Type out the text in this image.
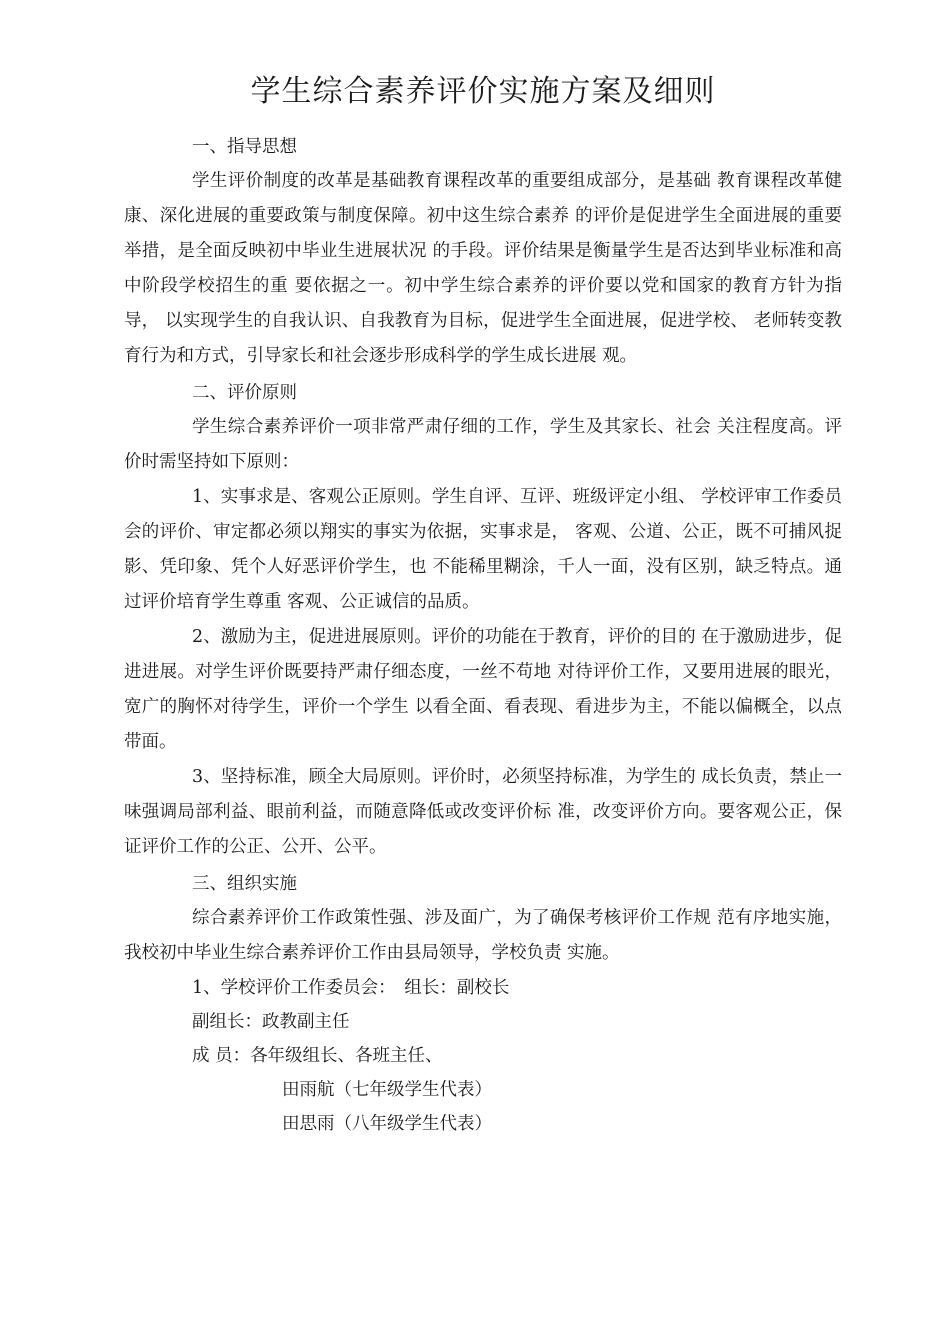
学生综合素养评价实施方案及细则

一、指导思想

学生评价制度的改革是基础教育课程改革的重要组成部分，是基础 教育课程改革健康、深化进展的重要政策与制度保障。初中这生综合素养 的评价是促进学生全面进展的重要举措，是全面反映初中毕业生进展状况 的手段。评价结果是衡量学生是否达到毕业标准和高中阶段学校招生的重 要依据之一。初中学生综合素养的评价要以党和国家的教育方针为指导， 以实现学生的自我认识、自我教育为目标，促进学生全面进展，促进学校、 老师转变教育行为和方式，引导家长和社会逐步形成科学的学生成长进展 观。

二、评价原则

学生综合素养评价一项非常严肃仔细的工作，学生及其家长、社会 关注程度高。评价时需坚持如下原则：

1、实事求是、客观公正原则。学生自评、互评、班级评定小组、 学校评审工作委员会的评价、审定都必须以翔实的事实为依据，实事求是， 客观、公道、公正，既不可捕风捉影、凭印象、凭个人好恶评价学生，也 不能稀里糊涂，千人一面，没有区别，缺乏特点。通过评价培育学生尊重 客观、公正诚信的品质。

2、激励为主，促进进展原则。评价的功能在于教育，评价的目的 在于激励进步，促进进展。对学生评价既要持严肃仔细态度，一丝不苟地 对待评价工作，又要用进展的眼光，宽广的胸怀对待学生，评价一个学生 以看全面、看表现、看进步为主，不能以偏概全，以点带面。

3、坚持标准，顾全大局原则。评价时，必须坚持标准，为学生的 成长负责，禁止一味强调局部利益、眼前利益，而随意降低或改变评价标 准，改变评价方向。要客观公正，保证评价工作的公正、公开、公平。

三、组织实施

综合素养评价工作政策性强、涉及面广，为了确保考核评价工作规 范有序地实施，我校初中毕业生综合素养评价工作由县局领导，学校负责 实施。

1、学校评价工作委员会：　组长：副校长

副组长：政教副主任

成 员：各年级组长、各班主任、

田雨航（七年级学生代表）

田思雨（八年级学生代表）
